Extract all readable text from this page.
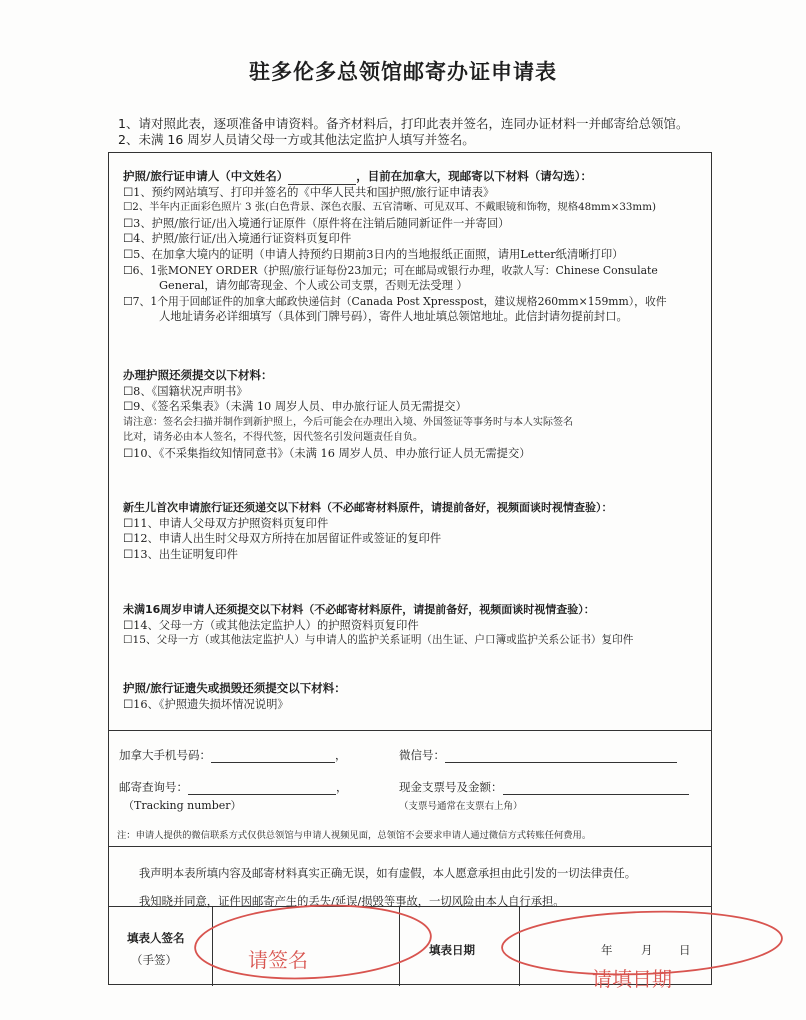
驻多伦多总领馆邮寄办证申请表
1、请对照此表，逐项准备申请资料。备齐材料后，打印此表并签名，连同办证材料一并邮寄给总领馆。
2、未满 16 周岁人员请父母一方或其他法定监护人填写并签名。
护照/旅行证申请人（中文姓名）	，目前在加拿大，现邮寄以下材料（请勾选）：
☐1、预约网站填写、打印并签名的《中华人民共和国护照/旅行证申请表》
☐2、半年内正面彩色照片 3 张(白色背景、深色衣服、五官清晰、可见双耳、不戴眼镜和饰物，规格48mm×33mm)
☐3、护照/旅行证/出入境通行证原件（原件将在注销后随同新证件一并寄回）
☐4、护照/旅行证/出入境通行证资料页复印件
☐5、在加拿大境内的证明（申请人持预约日期前3日内的当地报纸正面照，请用Letter纸清晰打印）
☐6、1张MONEY ORDER（护照/旅行证每份23加元；可在邮局或银行办理，收款人写：Chinese Consulate
General，请勿邮寄现金、个人或公司支票，否则无法受理 ）
☐7、1个用于回邮证件的加拿大邮政快递信封（Canada Post Xpresspost，建议规格260mm×159mm），收件
人地址请务必详细填写（具体到门牌号码），寄件人地址填总领馆地址。此信封请勿提前封口。
办理护照还须提交以下材料：
☐8、《国籍状况声明书》
☐9、《签名采集表》（未满 10 周岁人员、申办旅行证人员无需提交）
请注意：签名会扫描并制作到新护照上，今后可能会在办理出入境、外国签证等事务时与本人实际签名
比对，请务必由本人签名，不得代签，因代签名引发问题责任自负。
☐10、《不采集指纹知情同意书》（未满 16 周岁人员、申办旅行证人员无需提交）
新生儿首次申请旅行证还须递交以下材料（不必邮寄材料原件，请提前备好，视频面谈时视情查验）：
☐11、申请人父母双方护照资料页复印件
☐12、申请人出生时父母双方所持在加居留证件或签证的复印件
☐13、出生证明复印件
未满16周岁申请人还须提交以下材料（不必邮寄材料原件，请提前备好，视频面谈时视情查验）：
☐14、父母一方（或其他法定监护人）的护照资料页复印件
☐15、父母一方（或其他法定监护人）与申请人的监护关系证明（出生证、户口簿或监护关系公证书）复印件
护照/旅行证遗失或损毁还须提交以下材料：
☐16、《护照遗失损坏情况说明》
加拿大手机号码：	，	微信号：
邮寄查询号：	，
（Tracking number）
现金支票号及金额：
（支票号通常在支票右上角）
注：申请人提供的微信联系方式仅供总领馆与申请人视频见面，总领馆不会要求申请人通过微信方式转账任何费用。
我声明本表所填内容及邮寄材料真实正确无误，如有虚假，本人愿意承担由此引发的一切法律责任。
我知晓并同意，证件因邮寄产生的丢失/延误/损毁等事故，一切风险由本人自行承担。
填表人签名
（手签）
填表日期	年 月 日
请签名
请填日期
